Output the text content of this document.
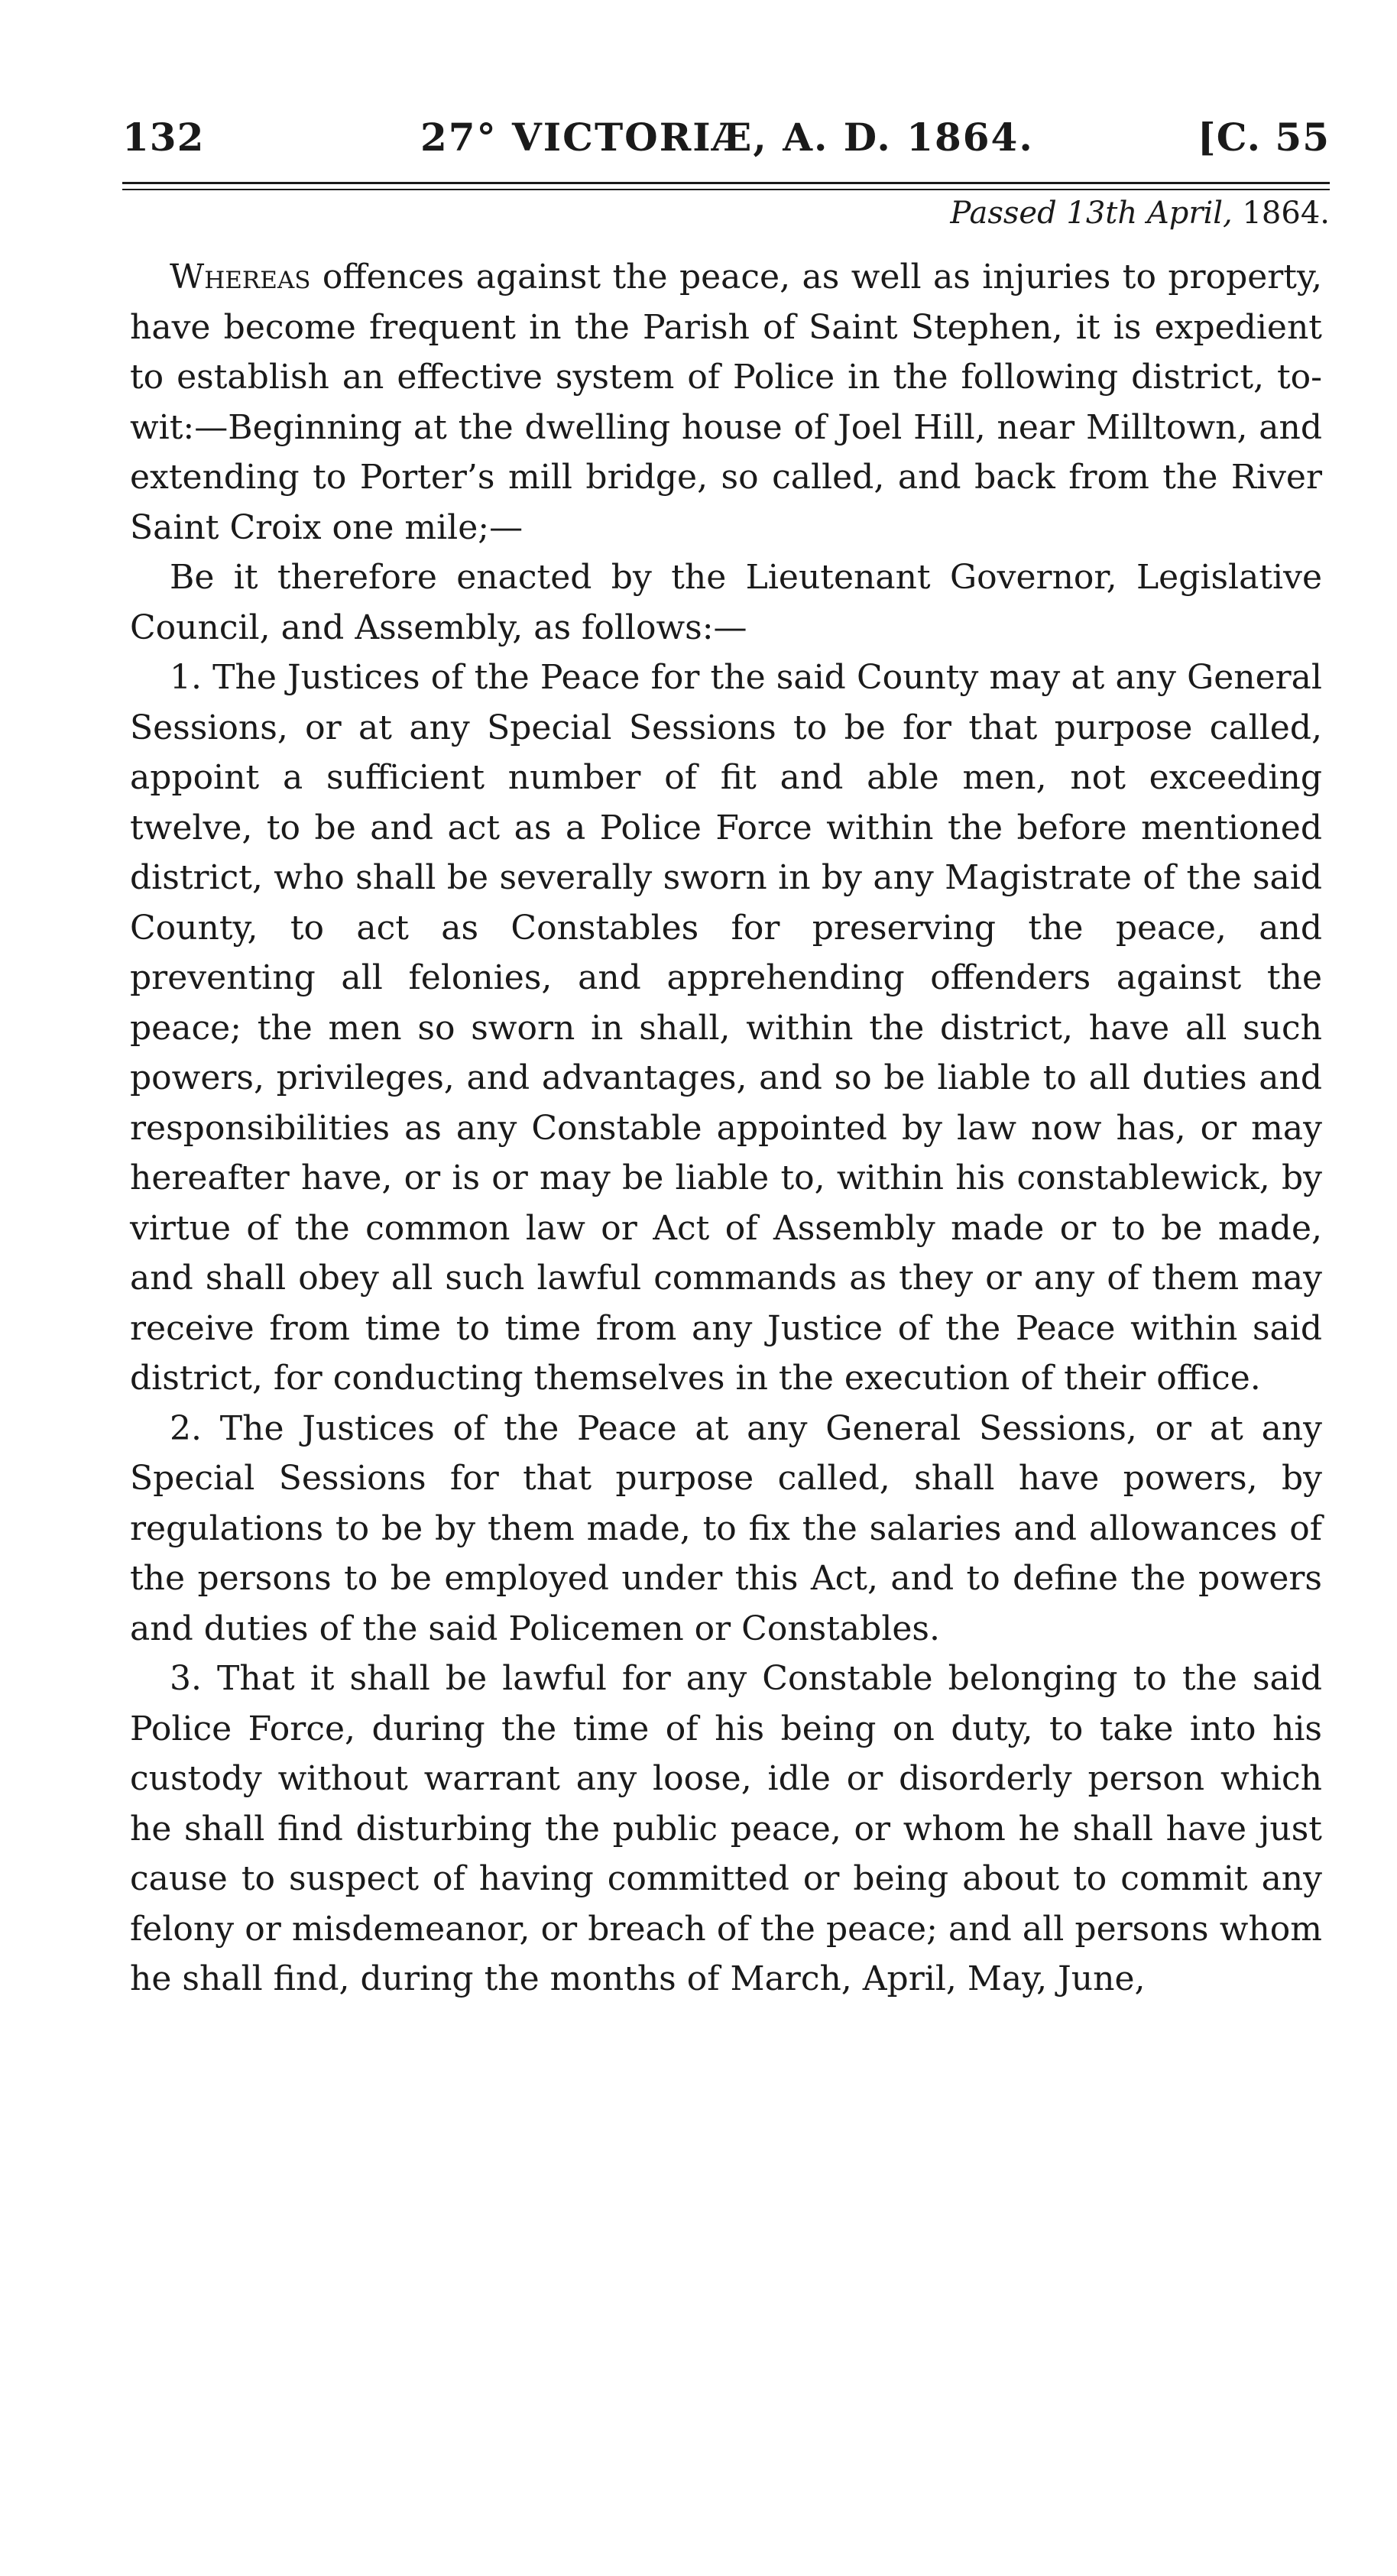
132	27° VICTORIÆ, A. D. 1864.	[C. 55
Passed 13th April, 1864.

Whereas offences against the peace, as well as injuries to property, have become frequent in the Parish of Saint Stephen, it is expedient to establish an effective system of Police in the following district, to-wit:—Beginning at the dwelling house of Joel Hill, near Milltown, and extending to Porter’s mill bridge, so called, and back from the River Saint Croix one mile;—

Be it therefore enacted by the Lieutenant Governor, Legislative Council, and Assembly, as follows:—

1. The Justices of the Peace for the said County may at any General Sessions, or at any Special Sessions to be for that purpose called, appoint a sufficient number of fit and able men, not exceeding twelve, to be and act as a Police Force within the before mentioned district, who shall be severally sworn in by any Magistrate of the said County, to act as Constables for preserving the peace, and preventing all felonies, and apprehending offenders against the peace; the men so sworn in shall, within the district, have all such powers, privileges, and advantages, and so be liable to all duties and responsibilities as any Constable appointed by law now has, or may hereafter have, or is or may be liable to, within his constablewick, by virtue of the common law or Act of Assembly made or to be made, and shall obey all such lawful commands as they or any of them may receive from time to time from any Justice of the Peace within said district, for conducting themselves in the execution of their office.

2. The Justices of the Peace at any General Sessions, or at any Special Sessions for that purpose called, shall have powers, by regulations to be by them made, to fix the salaries and allowances of the persons to be employed under this Act, and to define the powers and duties of the said Policemen or Constables.

3. That it shall be lawful for any Constable belonging to the said Police Force, during the time of his being on duty, to take into his custody without warrant any loose, idle or disorderly person which he shall find disturbing the public peace, or whom he shall have just cause to suspect of having committed or being about to commit any felony or misdemeanor, or breach of the peace; and all persons whom he shall find, during the months of March, April, May, June,
